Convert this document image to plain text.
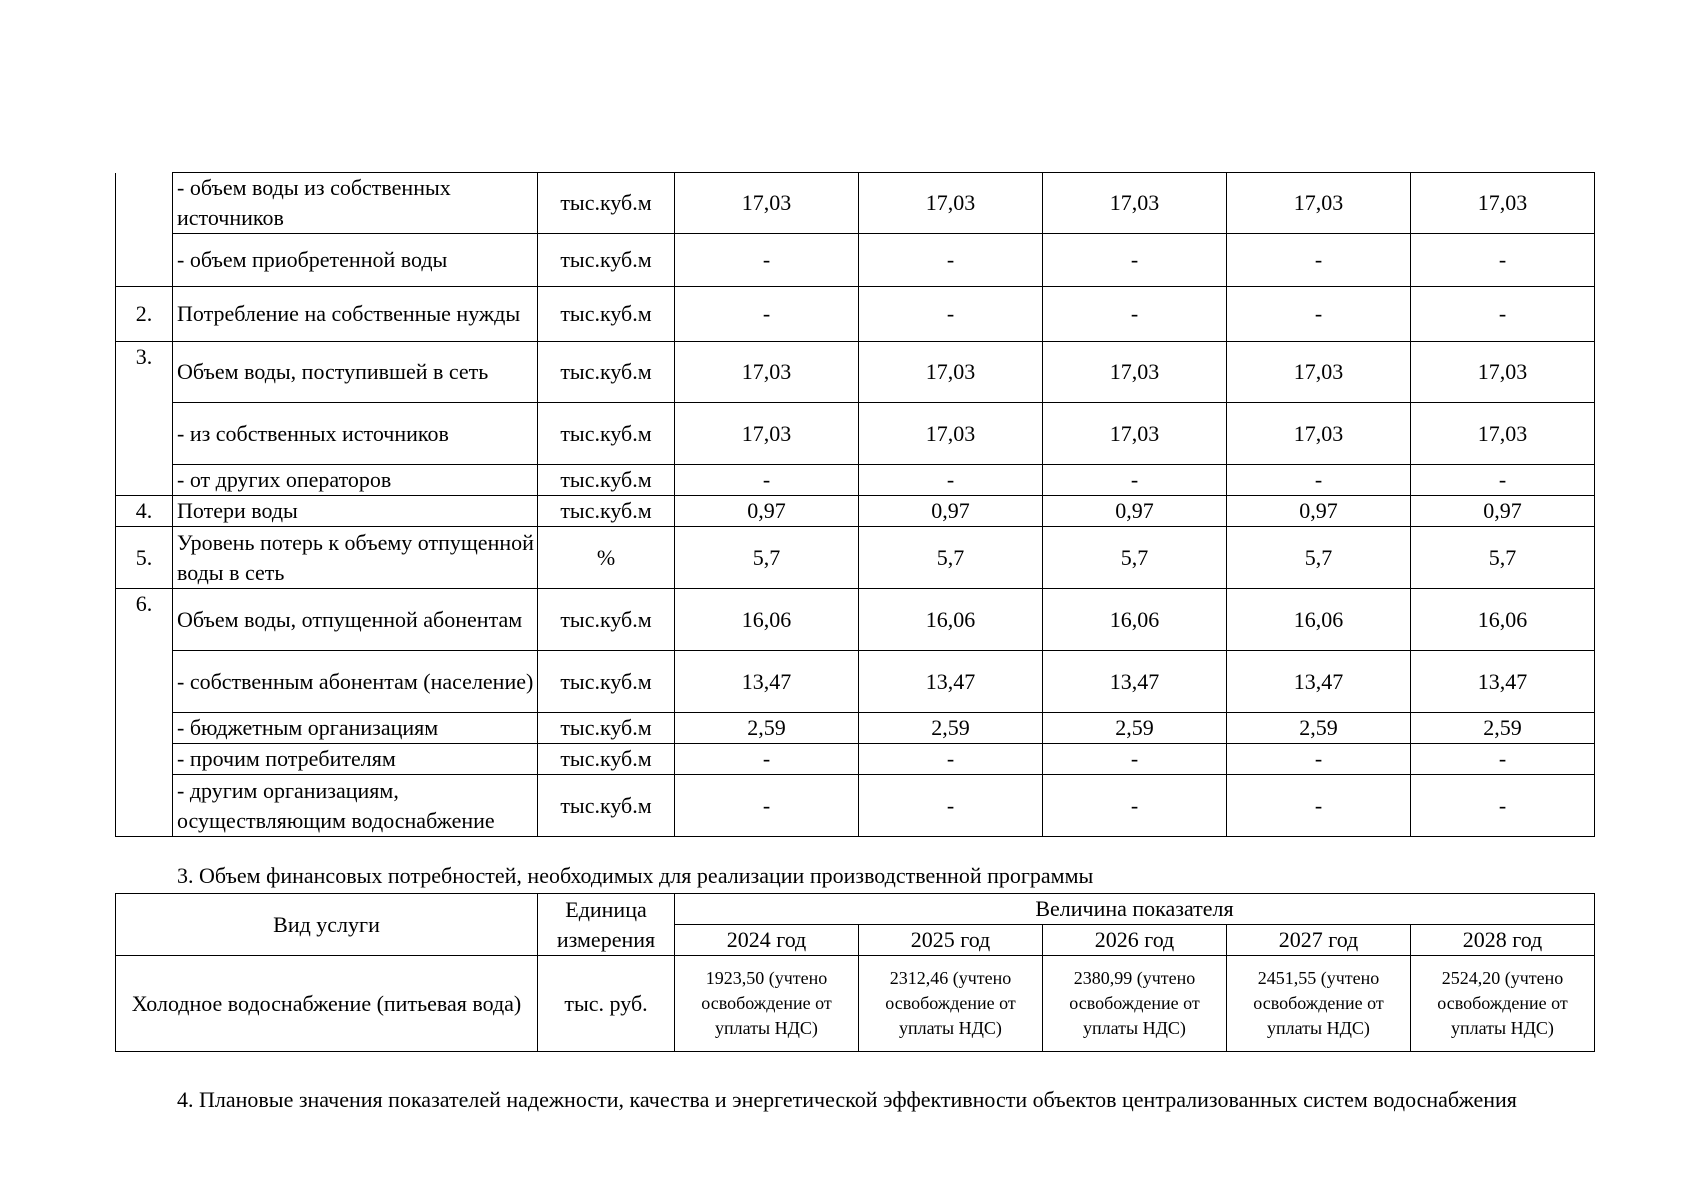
	- объем воды из собственных источников	тыс.куб.м	17,03	17,03	17,03	17,03	17,03
	- объем приобретенной воды	тыс.куб.м	-	-	-	-	-
2.	Потребление на собственные нужды	тыс.куб.м	-	-	-	-	-
3.	Объем воды, поступившей в сеть	тыс.куб.м	17,03	17,03	17,03	17,03	17,03
	- из собственных источников	тыс.куб.м	17,03	17,03	17,03	17,03	17,03
	- от других операторов	тыс.куб.м	-	-	-	-	-
4.	Потери воды	тыс.куб.м	0,97	0,97	0,97	0,97	0,97
5.	Уровень потерь к объему отпущенной воды в сеть	%	5,7	5,7	5,7	5,7	5,7
6.	Объем воды, отпущенной абонентам	тыс.куб.м	16,06	16,06	16,06	16,06	16,06
	- собственным абонентам (население)	тыс.куб.м	13,47	13,47	13,47	13,47	13,47
	- бюджетным организациям	тыс.куб.м	2,59	2,59	2,59	2,59	2,59
	- прочим потребителям	тыс.куб.м	-	-	-	-	-
	- другим организациям, осуществляющим водоснабжение	тыс.куб.м	-	-	-	-	-
3. Объем финансовых потребностей, необходимых для реализации производственной программы
Вид услуги	Единица измерения	Величина показателя				
		2024 год	2025 год	2026 год	2027 год	2028 год
Холодное водоснабжение (питьевая вода)	тыс. руб.	1923,50 (учтено освобождение от уплаты НДС)	2312,46 (учтено освобождение от уплаты НДС)	2380,99 (учтено освобождение от уплаты НДС)	2451,55 (учтено освобождение от уплаты НДС)	2524,20 (учтено освобождение от уплаты НДС)
4. Плановые значения показателей надежности, качества и энергетической эффективности объектов централизованных систем водоснабжения
